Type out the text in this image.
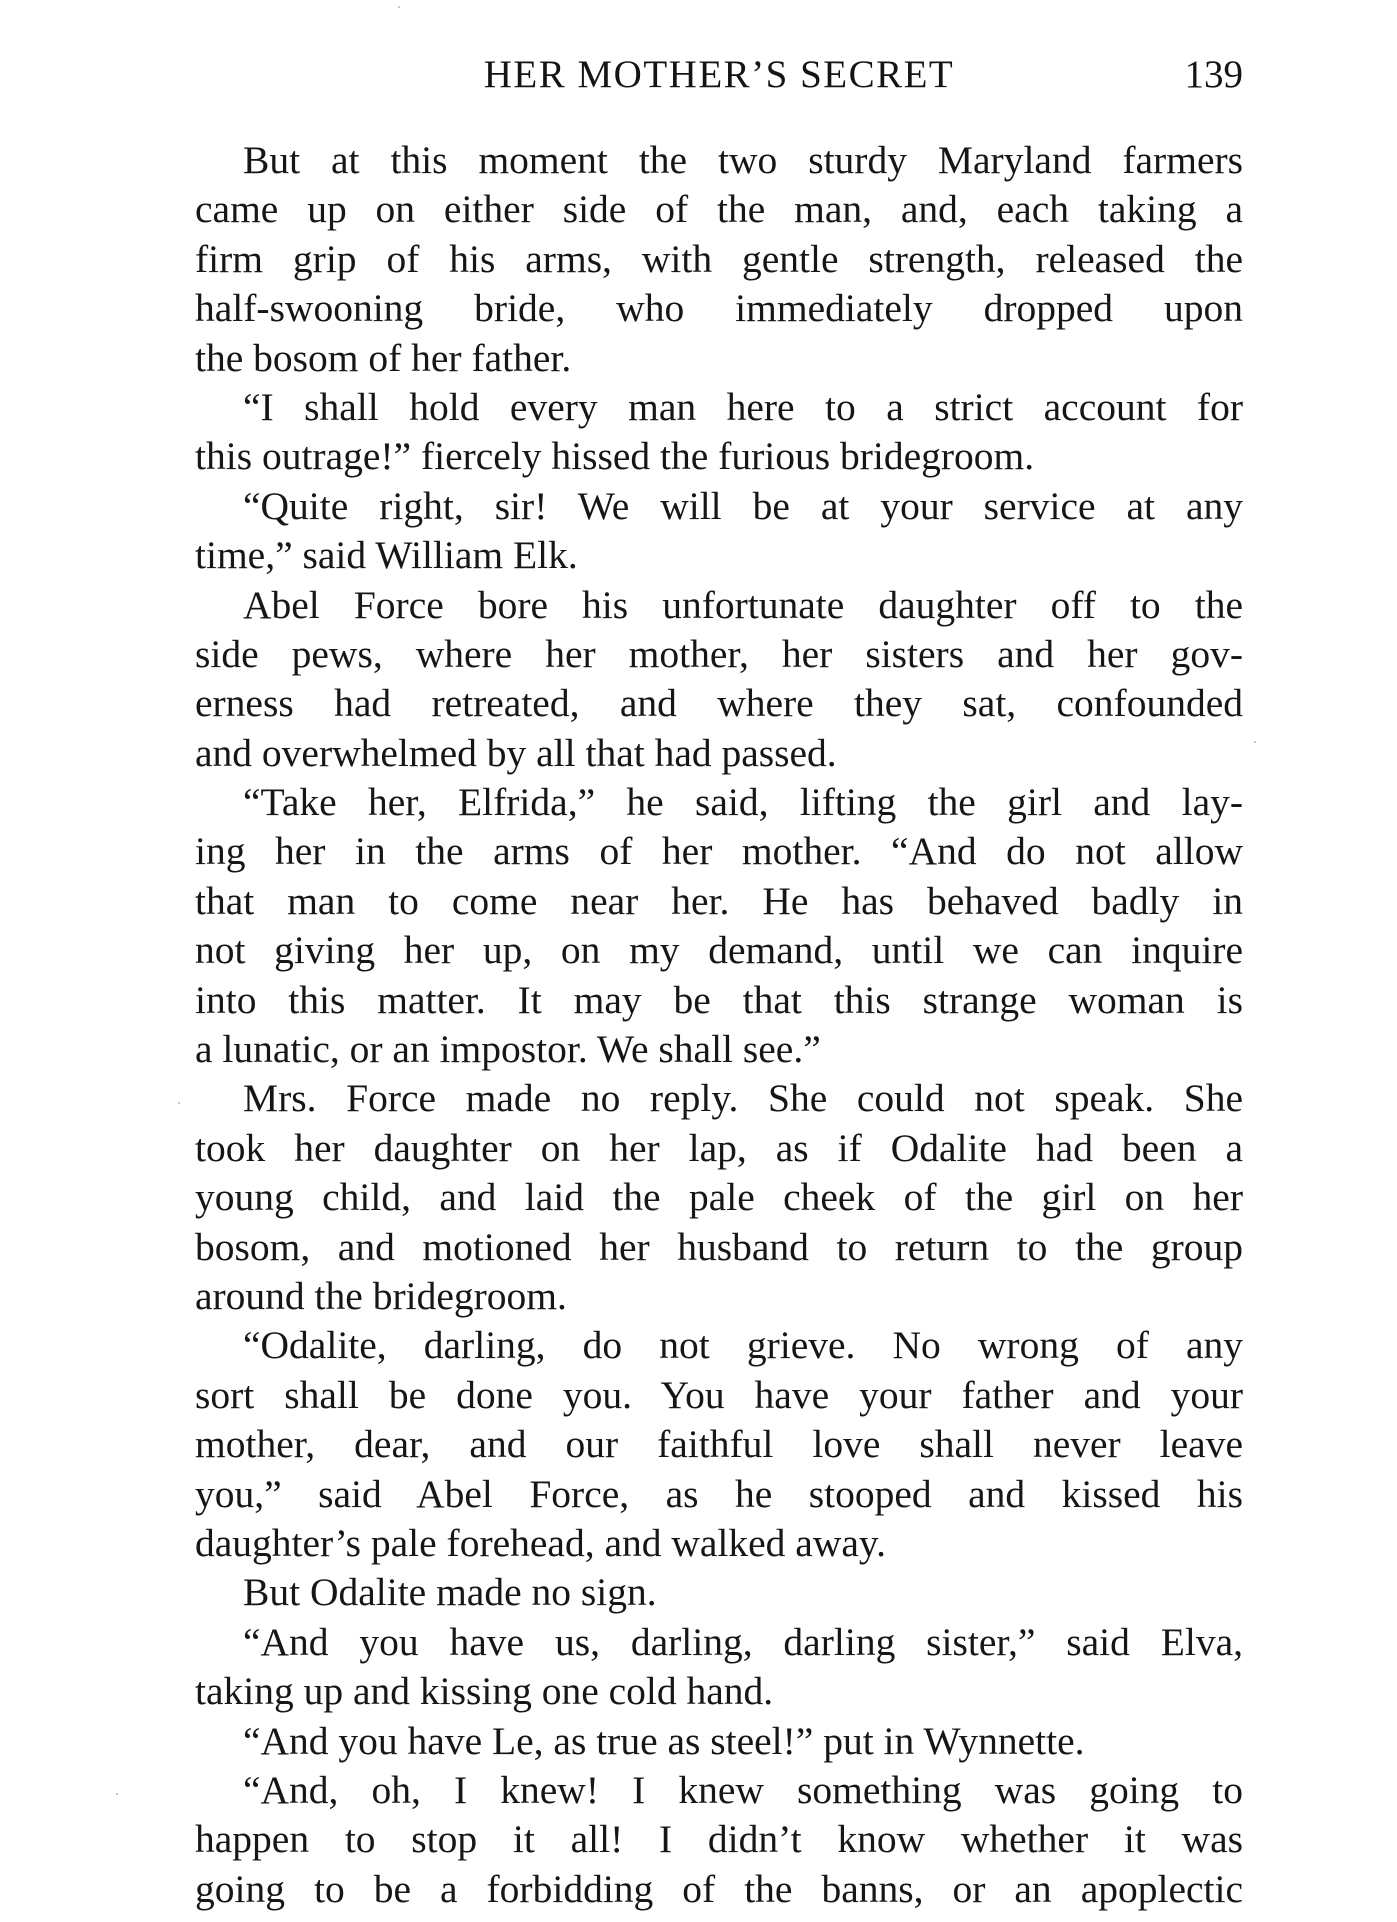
HER MOTHER’S SECRET	139
But at this moment the two sturdy Maryland farmers
came up on either side of the man, and, each taking a
firm grip of his arms, with gentle strength, released the
half-swooning bride, who immediately dropped upon
the bosom of her father.
“I shall hold every man here to a strict account for
this outrage!” fiercely hissed the furious bridegroom.
“Quite right, sir! We will be at your service at any
time,” said William Elk.
Abel Force bore his unfortunate daughter off to the
side pews, where her mother, her sisters and her gov-
erness had retreated, and where they sat, confounded
and overwhelmed by all that had passed.
“Take her, Elfrida,” he said, lifting the girl and lay-
ing her in the arms of her mother. “And do not allow
that man to come near her. He has behaved badly in
not giving her up, on my demand, until we can inquire
into this matter. It may be that this strange woman is
a lunatic, or an impostor. We shall see.”
Mrs. Force made no reply. She could not speak. She
took her daughter on her lap, as if Odalite had been a
young child, and laid the pale cheek of the girl on her
bosom, and motioned her husband to return to the group
around the bridegroom.
“Odalite, darling, do not grieve. No wrong of any
sort shall be done you. You have your father and your
mother, dear, and our faithful love shall never leave
you,” said Abel Force, as he stooped and kissed his
daughter’s pale forehead, and walked away.
But Odalite made no sign.
“And you have us, darling, darling sister,” said Elva,
taking up and kissing one cold hand.
“And you have Le, as true as steel!” put in Wynnette.
“And, oh, I knew! I knew something was going to
happen to stop it all! I didn’t know whether it was
going to be a forbidding of the banns, or an apoplectic
